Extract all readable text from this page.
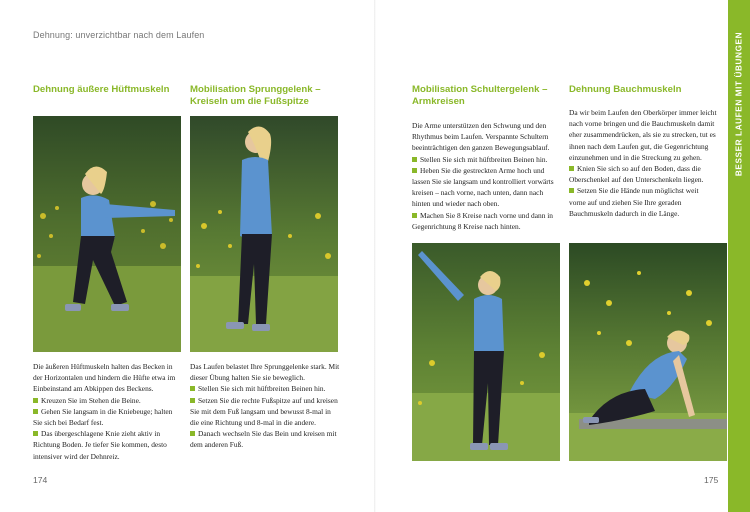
Dehnung: unverzichtbar nach dem Laufen
Dehnung äußere Hüftmuskeln

Die äußeren Hüftmuskeln halten das Becken in der Horizontalen und hindern die Hüfte etwa im Einbeinstand am Abkippen des Beckens.

Kreuzen Sie im Stehen die Beine.

Gehen Sie langsam in die Kniebeuge; halten Sie sich bei Bedarf fest.

Das übergeschlagene Knie zieht aktiv in Richtung Boden. Je tiefer Sie kommen, desto intensiver wird der Dehnreiz.

Mobilisation Sprunggelenk –
Kreiseln um die Fußspitze

Das Laufen belastet Ihre Sprunggelenke stark. Mit dieser Übung halten Sie sie beweglich.

Stellen Sie sich mit hüftbreiten Beinen hin.

Setzen Sie die rechte Fußspitze auf und kreisen Sie mit dem Fuß langsam und bewusst 8-mal in die eine Richtung und 8-mal in die andere.

Danach wechseln Sie das Bein und kreisen mit dem anderen Fuß.

Mobilisation Schultergelenk –
Armkreisen

Die Arme unterstützen den Schwung und den Rhythmus beim Laufen. Verspannte Schultern beeinträchtigen den ganzen Bewegungsablauf.

Stellen Sie sich mit hüftbreiten Beinen hin.

Heben Sie die gestreckten Arme hoch und lassen Sie sie langsam und kontrolliert vorwärts kreisen – nach vorne, nach unten, dann nach hinten und wieder nach oben.

Machen Sie 8 Kreise nach vorne und dann in Gegenrichtung 8 Kreise nach hinten.

Dehnung Bauchmuskeln

Da wir beim Laufen den Oberkörper immer leicht nach vorne bringen und die Bauchmuskeln damit eher zusammendrücken, als sie zu strecken, tut es ihnen nach dem Laufen gut, die Gegenrichtung einzunehmen und in die Streckung zu gehen.

Knien Sie sich so auf den Boden, dass die Oberschenkel auf den Unterschenkeln liegen.

Setzen Sie die Hände nun möglichst weit vorne auf und ziehen Sie Ihre geraden Bauchmuskeln dadurch in die Länge.

174	175
BESSER LAUFEN MIT ÜBUNGEN
